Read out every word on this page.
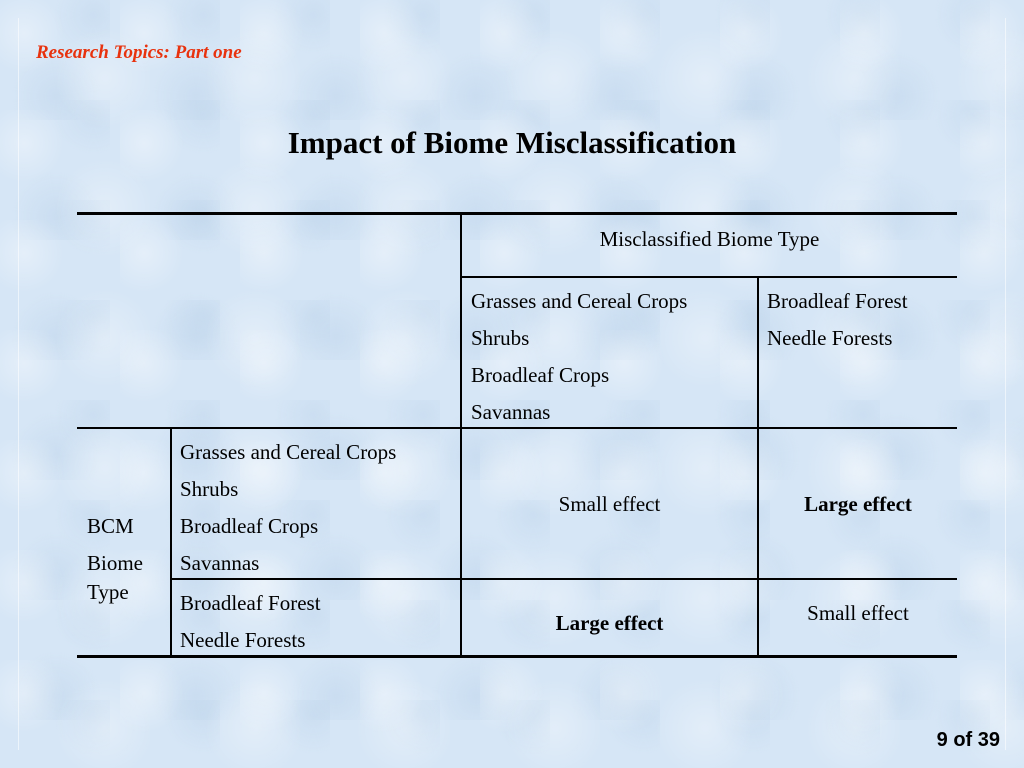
Research Topics: Part one
Impact of Biome Misclassification
Misclassified Biome Type
Grasses and Cereal Crops
Shrubs
Broadleaf Crops
Savannas
Broadleaf Forest
Needle Forests
BCM
Biome
Type
Grasses and Cereal Crops
Shrubs
Broadleaf Crops
Savannas
Broadleaf Forest
Needle Forests
Small effect	Large effect
Large effect	Small effect
9 of 39
